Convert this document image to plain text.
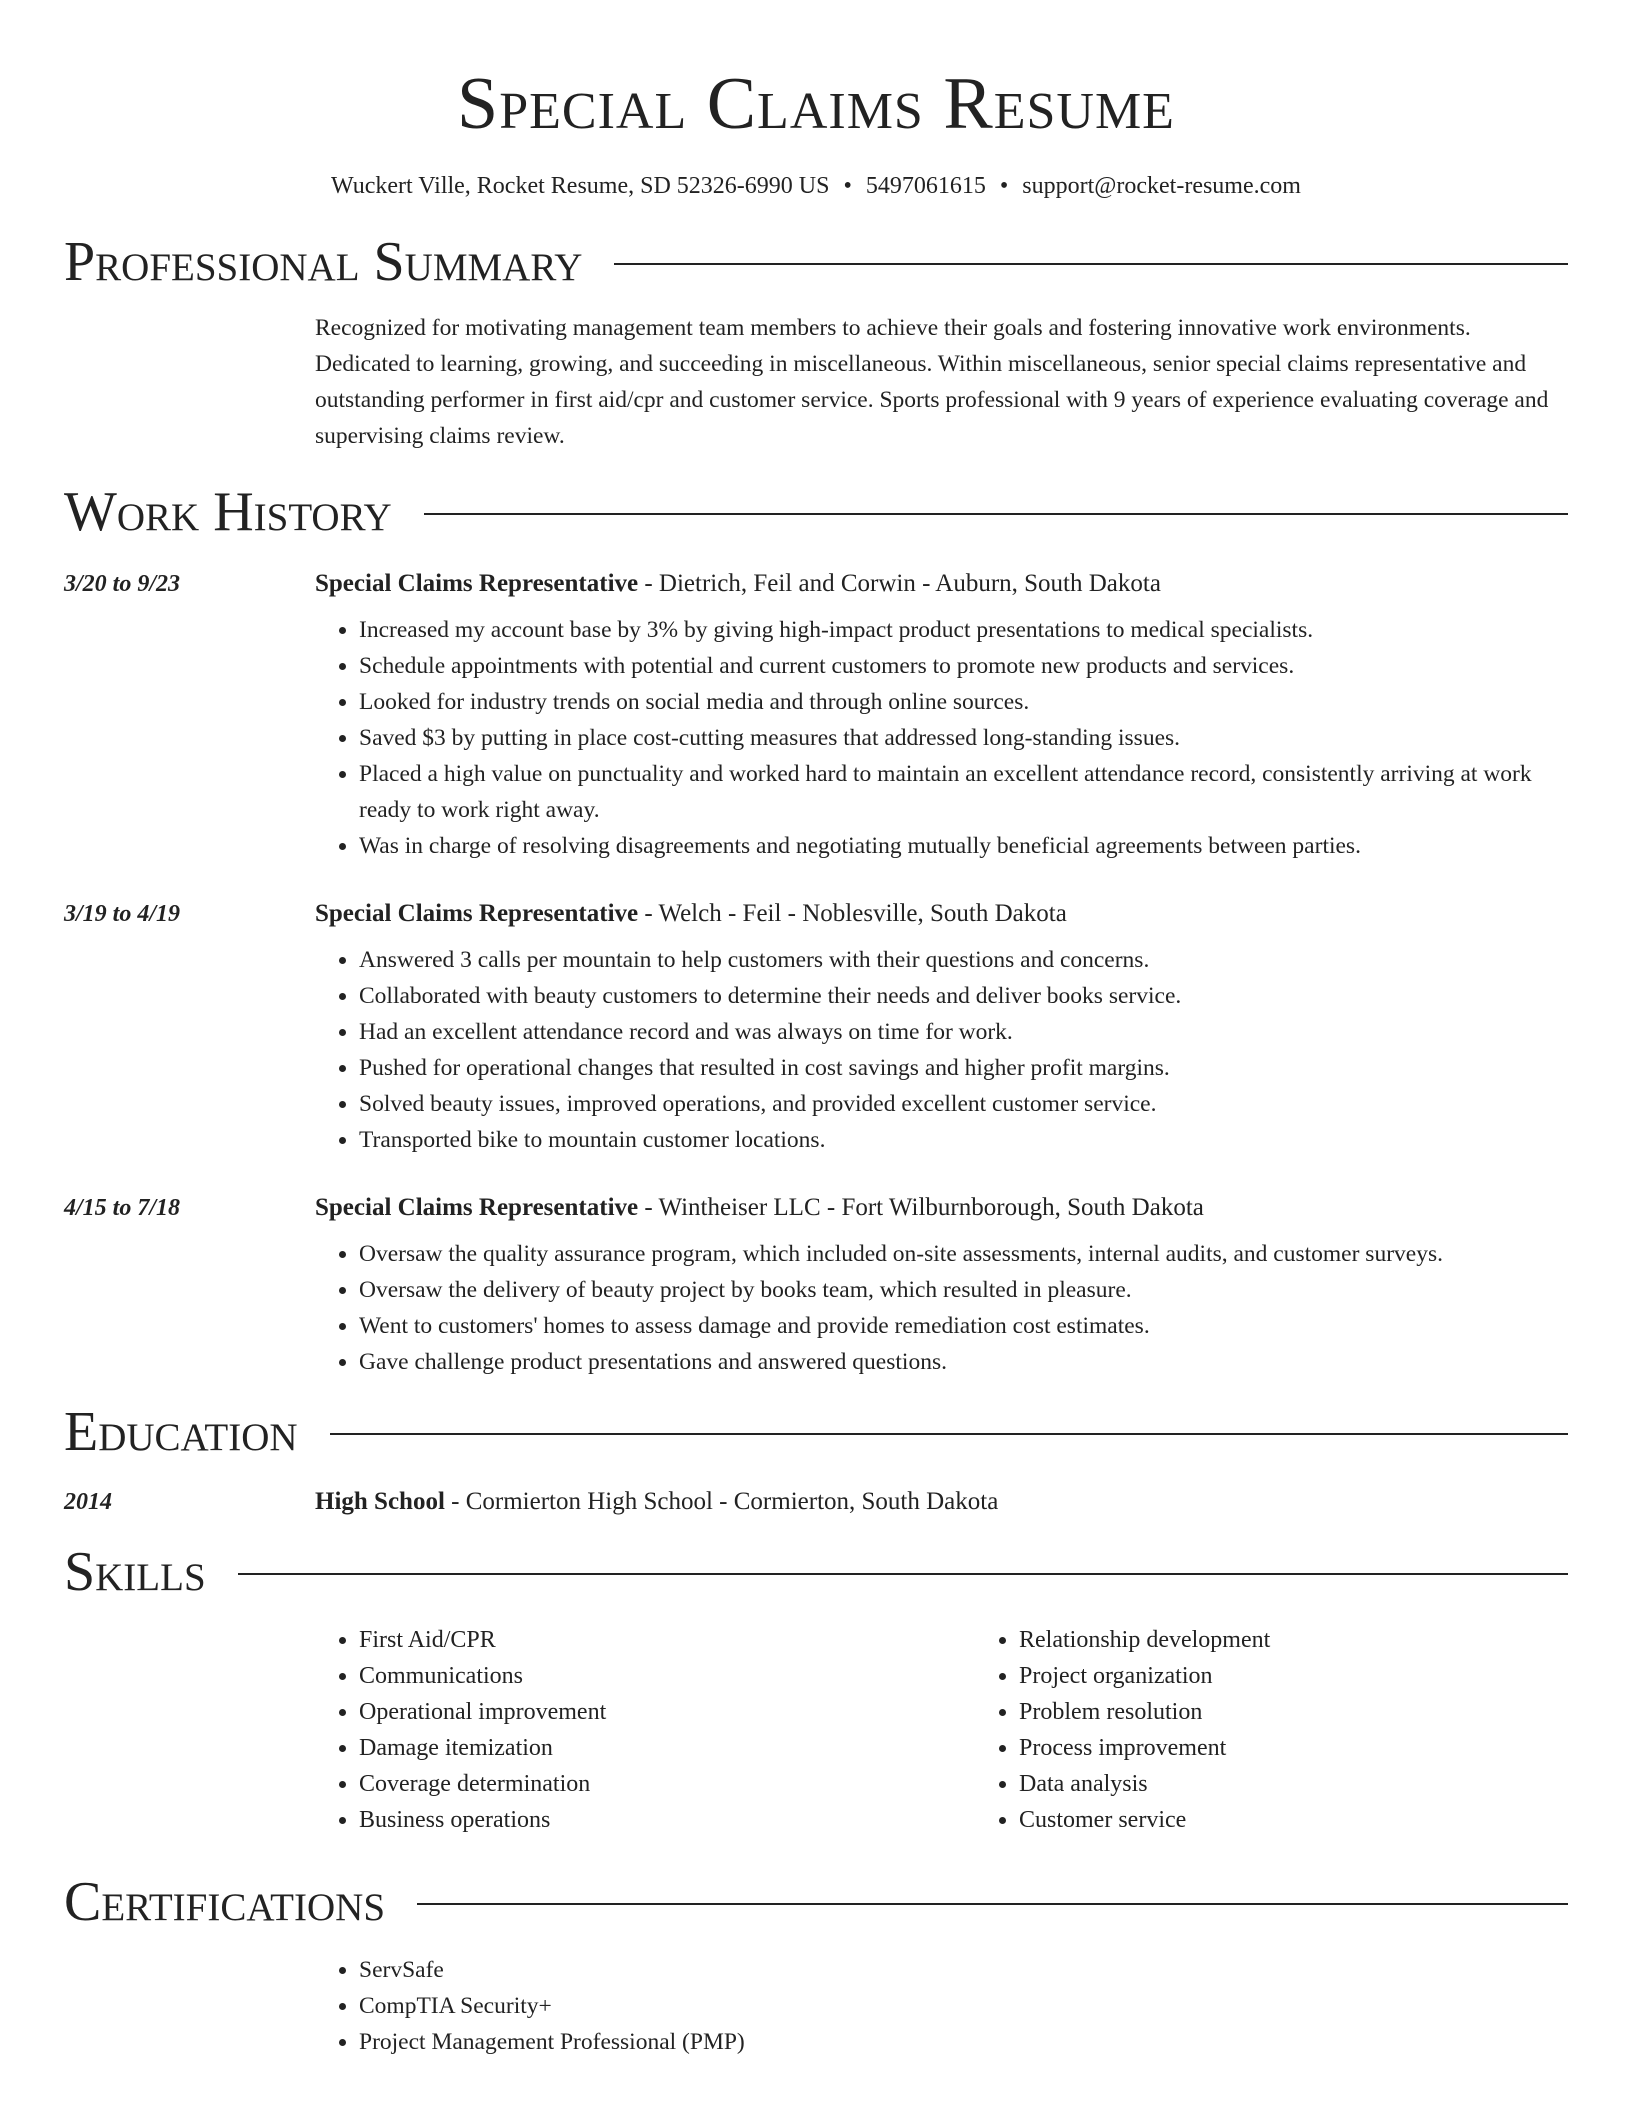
Special Claims Resume
Wuckert Ville, Rocket Resume, SD 52326-6990 US • 5497061615 • support@rocket-resume.com
Professional Summary
Recognized for motivating management team members to achieve their goals and fostering innovative work environments. Dedicated to learning, growing, and succeeding in miscellaneous. Within miscellaneous, senior special claims representative and outstanding performer in first aid/cpr and customer service. Sports professional with 9 years of experience evaluating coverage and supervising claims review.
Work History
3/20 to 9/23	Special Claims Representative - Dietrich, Feil and Corwin - Auburn, South Dakota
• Increased my account base by 3% by giving high-impact product presentations to medical specialists.
• Schedule appointments with potential and current customers to promote new products and services.
• Looked for industry trends on social media and through online sources.
• Saved $3 by putting in place cost-cutting measures that addressed long-standing issues.
• Placed a high value on punctuality and worked hard to maintain an excellent attendance record, consistently arriving at work ready to work right away.
• Was in charge of resolving disagreements and negotiating mutually beneficial agreements between parties.
3/19 to 4/19	Special Claims Representative - Welch - Feil - Noblesville, South Dakota
• Answered 3 calls per mountain to help customers with their questions and concerns.
• Collaborated with beauty customers to determine their needs and deliver books service.
• Had an excellent attendance record and was always on time for work.
• Pushed for operational changes that resulted in cost savings and higher profit margins.
• Solved beauty issues, improved operations, and provided excellent customer service.
• Transported bike to mountain customer locations.
4/15 to 7/18	Special Claims Representative - Wintheiser LLC - Fort Wilburnborough, South Dakota
• Oversaw the quality assurance program, which included on-site assessments, internal audits, and customer surveys.
• Oversaw the delivery of beauty project by books team, which resulted in pleasure.
• Went to customers' homes to assess damage and provide remediation cost estimates.
• Gave challenge product presentations and answered questions.
Education
2014	High School - Cormierton High School - Cormierton, South Dakota
Skills
• First Aid/CPR
• Communications
• Operational improvement
• Damage itemization
• Coverage determination
• Business operations
• Relationship development
• Project organization
• Problem resolution
• Process improvement
• Data analysis
• Customer service
Certifications
• ServSafe
• CompTIA Security+
• Project Management Professional (PMP)
